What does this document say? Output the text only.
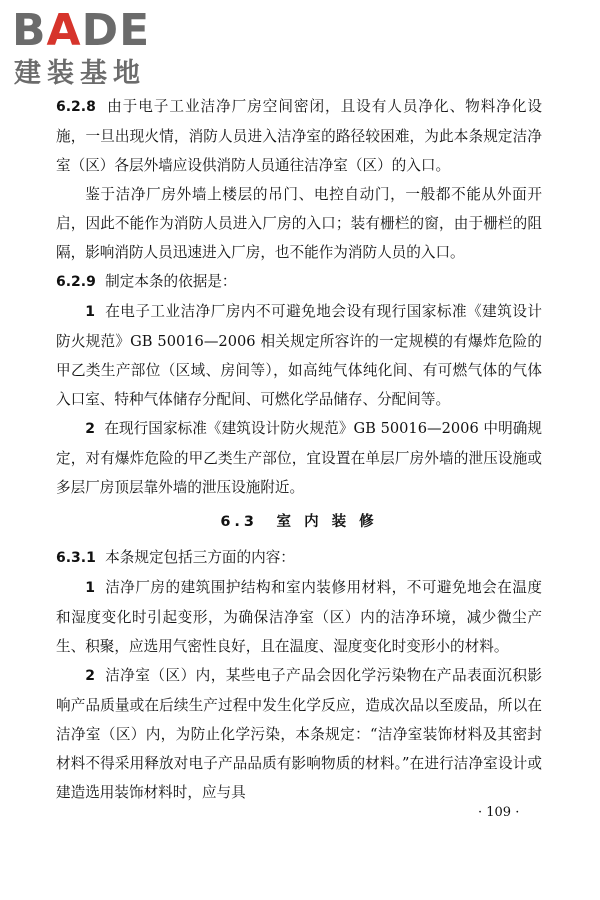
BADE
建装基地

6.2.8 由于电子工业洁净厂房空间密闭，且设有人员净化、物料净化设施，一旦出现火情，消防人员进入洁净室的路径较困难，为此本条规定洁净室（区）各层外墙应设供消防人员通往洁净室（区）的入口。

鉴于洁净厂房外墙上楼层的吊门、电控自动门，一般都不能从外面开启，因此不能作为消防人员进入厂房的入口；装有栅栏的窗，由于栅栏的阻隔，影响消防人员迅速进入厂房，也不能作为消防人员的入口。

6.2.9 制定本条的依据是：

1 在电子工业洁净厂房内不可避免地会设有现行国家标准《建筑设计防火规范》GB 50016—2006 相关规定所容许的一定规模的有爆炸危险的甲乙类生产部位（区域、房间等），如高纯气体纯化间、有可燃气体的气体入口室、特种气体储存分配间、可燃化学品储存、分配间等。

2 在现行国家标准《建筑设计防火规范》GB 50016—2006 中明确规定，对有爆炸危险的甲乙类生产部位，宜设置在单层厂房外墙的泄压设施或多层厂房顶层靠外墙的泄压设施附近。

6.3　室 内 装 修

6.3.1 本条规定包括三方面的内容：

1 洁净厂房的建筑围护结构和室内装修用材料，不可避免地会在温度和湿度变化时引起变形，为确保洁净室（区）内的洁净环境，减少微尘产生、积聚，应选用气密性良好，且在温度、湿度变化时变形小的材料。

2 洁净室（区）内，某些电子产品会因化学污染物在产品表面沉积影响产品质量或在后续生产过程中发生化学反应，造成次品以至废品，所以在洁净室（区）内，为防止化学污染，本条规定：“洁净室装饰材料及其密封材料不得采用释放对电子产品品质有影响物质的材料。”在进行洁净室设计或建造选用装饰材料时，应与具

· 109 ·
